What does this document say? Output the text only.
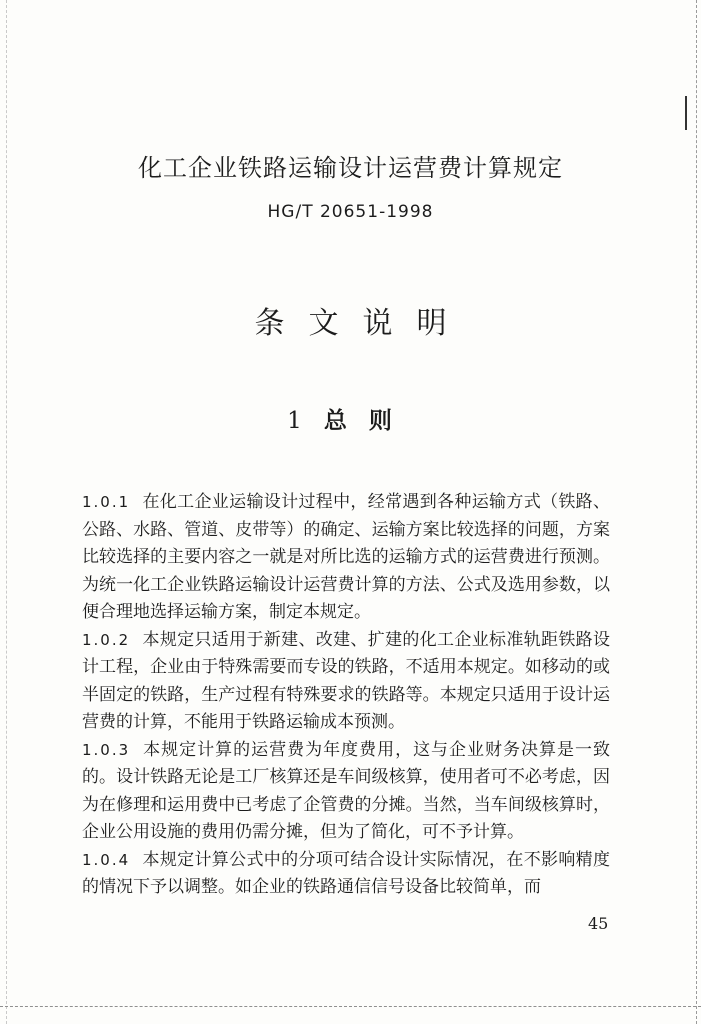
化工企业铁路运输设计运营费计算规定
HG/T 20651-1998
条文说明
1 总则

1.0.1 在化工企业运输设计过程中，经常遇到各种运输方式（铁路、公路、水路、管道、皮带等）的确定、运输方案比较选择的问题，方案比较选择的主要内容之一就是对所比选的运输方式的运营费进行预测。为统一化工企业铁路运输设计运营费计算的方法、公式及选用参数，以便合理地选择运输方案，制定本规定。

1.0.2 本规定只适用于新建、改建、扩建的化工企业标准轨距铁路设计工程，企业由于特殊需要而专设的铁路，不适用本规定。如移动的或半固定的铁路，生产过程有特殊要求的铁路等。本规定只适用于设计运营费的计算，不能用于铁路运输成本预测。

1.0.3 本规定计算的运营费为年度费用，这与企业财务决算是一致的。设计铁路无论是工厂核算还是车间级核算，使用者可不必考虑，因为在修理和运用费中已考虑了企管费的分摊。当然，当车间级核算时，企业公用设施的费用仍需分摊，但为了简化，可不予计算。

1.0.4 本规定计算公式中的分项可结合设计实际情况，在不影响精度的情况下予以调整。如企业的铁路通信信号设备比较简单，而

45
